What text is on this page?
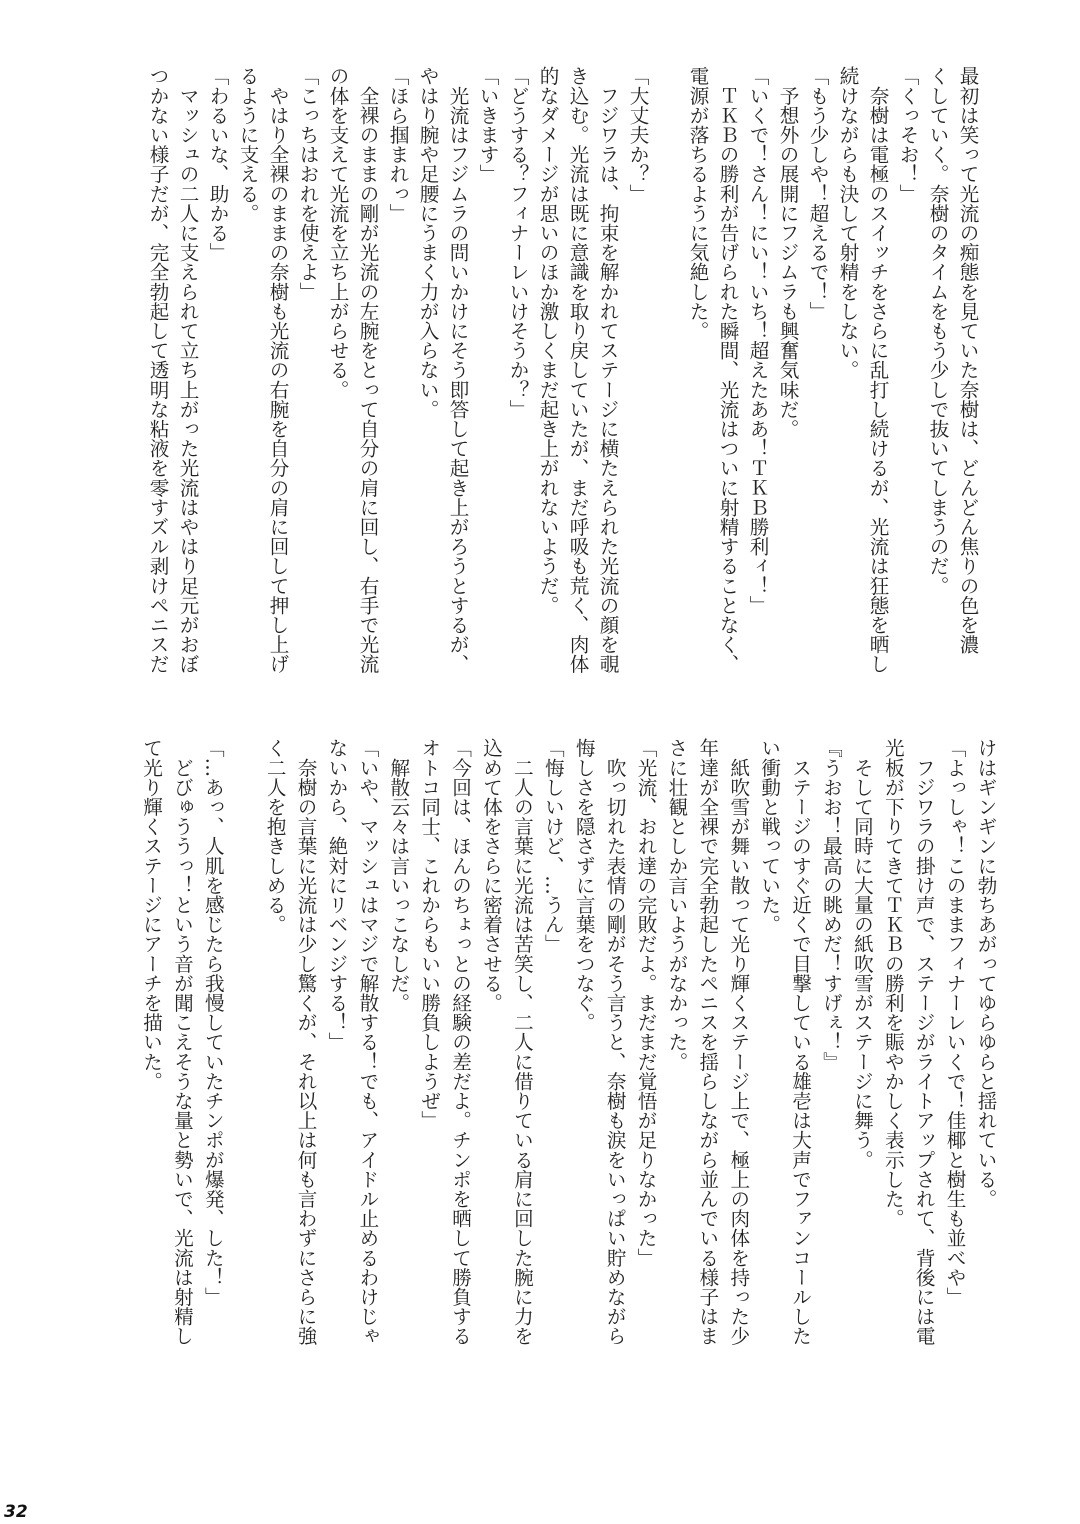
最初は笑って光流の痴態を見ていた奈樹は、どんどん焦りの色を濃
くしていく。奈樹のタイムをもう少しで抜いてしまうのだ。
「くっそお！」
　奈樹は電極のスイッチをさらに乱打し続けるが、光流は狂態を晒し
続けながらも決して射精をしない。
「もう少しや！超えるで！」
　予想外の展開にフジムラも興奮気味だ。
「いくで！さん！にい！いち！超えたああ！ＴＫＢ勝利ィ！」
　ＴＫＢの勝利が告げられた瞬間、光流はついに射精することなく、
電源が落ちるように気絶した。
「大丈夫か？」
　フジワラは、拘束を解かれてステージに横たえられた光流の顔を覗
き込む。光流は既に意識を取り戻していたが、まだ呼吸も荒く、肉体
的なダメージが思いのほか激しくまだ起き上がれないようだ。
「どうする？フィナーレいけそうか？」
「いきます」
　光流はフジムラの問いかけにそう即答して起き上がろうとするが、
やはり腕や足腰にうまく力が入らない。
「ほら掴まれっ」
　全裸のままの剛が光流の左腕をとって自分の肩に回し、右手で光流
の体を支えて光流を立ち上がらせる。
「こっちはおれを使えよ」
　やはり全裸のままの奈樹も光流の右腕を自分の肩に回して押し上げ
るように支える。
「わるいな、助かる」
　マッシュの二人に支えられて立ち上がった光流はやはり足元がおぼ
つかない様子だが、完全勃起して透明な粘液を零すズル剥けペニスだ
けはギンギンに勃ちあがってゆらゆらと揺れている。
「よっしゃ！このままフィナーレいくで！佳椰と樹生も並べや」
　フジワラの掛け声で、ステージがライトアップされて、背後には電
光板が下りてきてＴＫＢの勝利を賑やかしく表示した。
　そして同時に大量の紙吹雪がステージに舞う。
『うおお！最高の眺めだ！すげぇ！』
　ステージのすぐ近くで目撃している雄壱は大声でファンコールした
い衝動と戦っていた。
　紙吹雪が舞い散って光り輝くステージ上で、極上の肉体を持った少
年達が全裸で完全勃起したペニスを揺らしながら並んでいる様子はま
さに壮観としか言いようがなかった。
「光流、おれ達の完敗だよ。まだまだ覚悟が足りなかった」
　吹っ切れた表情の剛がそう言うと、奈樹も涙をいっぱい貯めながら
悔しさを隠さずに言葉をつなぐ。
「悔しいけど、…うん」
　二人の言葉に光流は苦笑し、二人に借りている肩に回した腕に力を
込めて体をさらに密着させる。
「今回は、ほんのちょっとの経験の差だよ。チンポを晒して勝負する
オトコ同士、これからもいい勝負しようぜ」
　解散云々は言いっこなしだ。
「いや、マッシュはマジで解散する！でも、アイドル止めるわけじゃ
ないから、絶対にリベンジする！」
　奈樹の言葉に光流は少し驚くが、それ以上は何も言わずにさらに強
く二人を抱きしめる。
「…あっ、人肌を感じたら我慢していたチンポが爆発、した！」
　どびゅううっ！という音が聞こえそうな量と勢いで、光流は射精し
て光り輝くステージにアーチを描いた。
32
